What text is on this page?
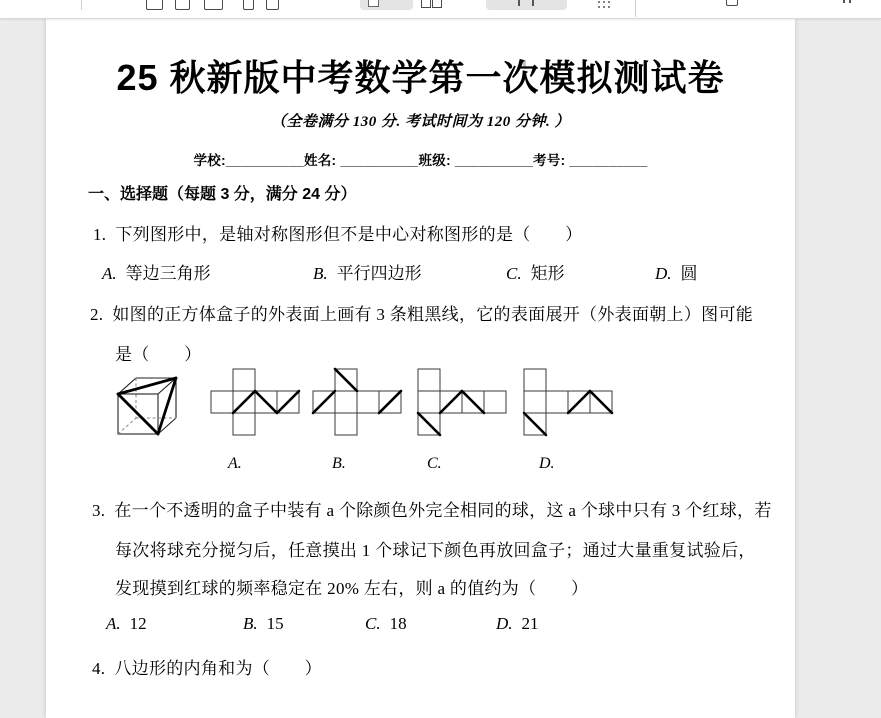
25 秋新版中考数学第一次模拟测试卷
（全卷满分 130 分. 考试时间为 120 分钟. ）
学校:__________姓名: __________班级: __________考号: __________
一、选择题（每题 3 分，满分 24 分）
1. 下列图形中，是轴对称图形但不是中心对称图形的是（　　）
A. 等边三角形	B. 平行四边形	C. 矩形	D. 圆
2. 如图的正方体盒子的外表面上画有 3 条粗黑线，它的表面展开（外表面朝上）图可能
是（　　）
A.	B.	C.	D.
3. 在一个不透明的盒子中装有 a 个除颜色外完全相同的球，这 a 个球中只有 3 个红球，若
每次将球充分搅匀后，任意摸出 1 个球记下颜色再放回盒子；通过大量重复试验后，
发现摸到红球的频率稳定在 20% 左右，则 a 的值约为（　　）
A. 12	B. 15	C. 18	D. 21
4. 八边形的内角和为（　　）
